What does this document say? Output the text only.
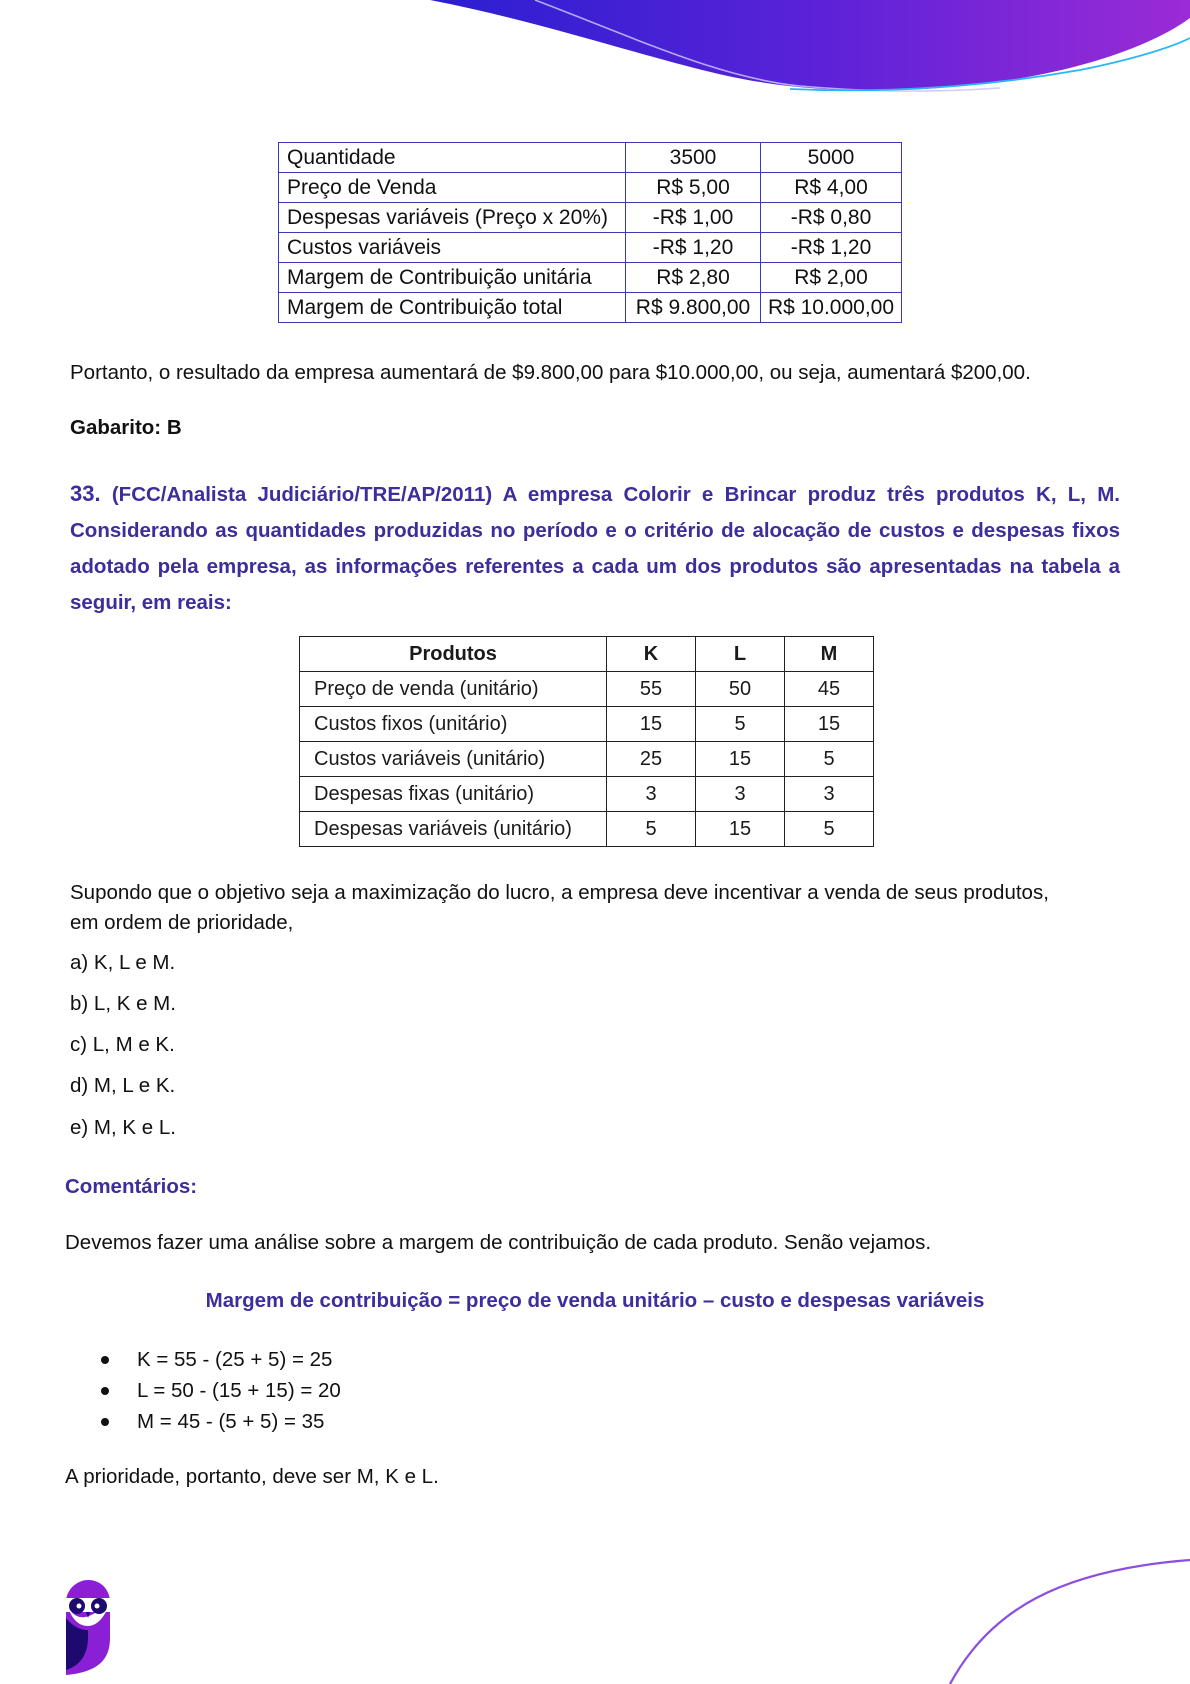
Quantidade	3500	5000
Preço de Venda	R$ 5,00	R$ 4,00
Despesas variáveis (Preço x 20%)	-R$ 1,00	-R$ 0,80
Custos variáveis	-R$ 1,20	-R$ 1,20
Margem de Contribuição unitária	R$ 2,80	R$ 2,00
Margem de Contribuição total	R$ 9.800,00	R$ 10.000,00
Portanto, o resultado da empresa aumentará de $9.800,00 para $10.000,00, ou seja, aumentará $200,00.
Gabarito: B
33. (FCC/Analista Judiciário/TRE/AP/2011) A empresa Colorir e Brincar produz três produtos K, L, M. Considerando as quantidades produzidas no período e o critério de alocação de custos e despesas fixos adotado pela empresa, as informações referentes a cada um dos produtos são apresentadas na tabela a seguir, em reais:
Produtos	K	L	M
Preço de venda (unitário)	55	50	45
Custos fixos (unitário)	15	5	15
Custos variáveis (unitário)	25	15	5
Despesas fixas (unitário)	3	3	3
Despesas variáveis (unitário)	5	15	5
Supondo que o objetivo seja a maximização do lucro, a empresa deve incentivar a venda de seus produtos,
em ordem de prioridade,
a) K, L e M.
b) L, K e M.
c) L, M e K.
d) M, L e K.
e) M, K e L.
Comentários:
Devemos fazer uma análise sobre a margem de contribuição de cada produto. Senão vejamos.
Margem de contribuição = preço de venda unitário – custo e despesas variáveis
K = 55 - (25 + 5) = 25
L = 50 - (15 + 15) = 20
M = 45 - (5 + 5) = 35
A prioridade, portanto, deve ser M, K e L.
